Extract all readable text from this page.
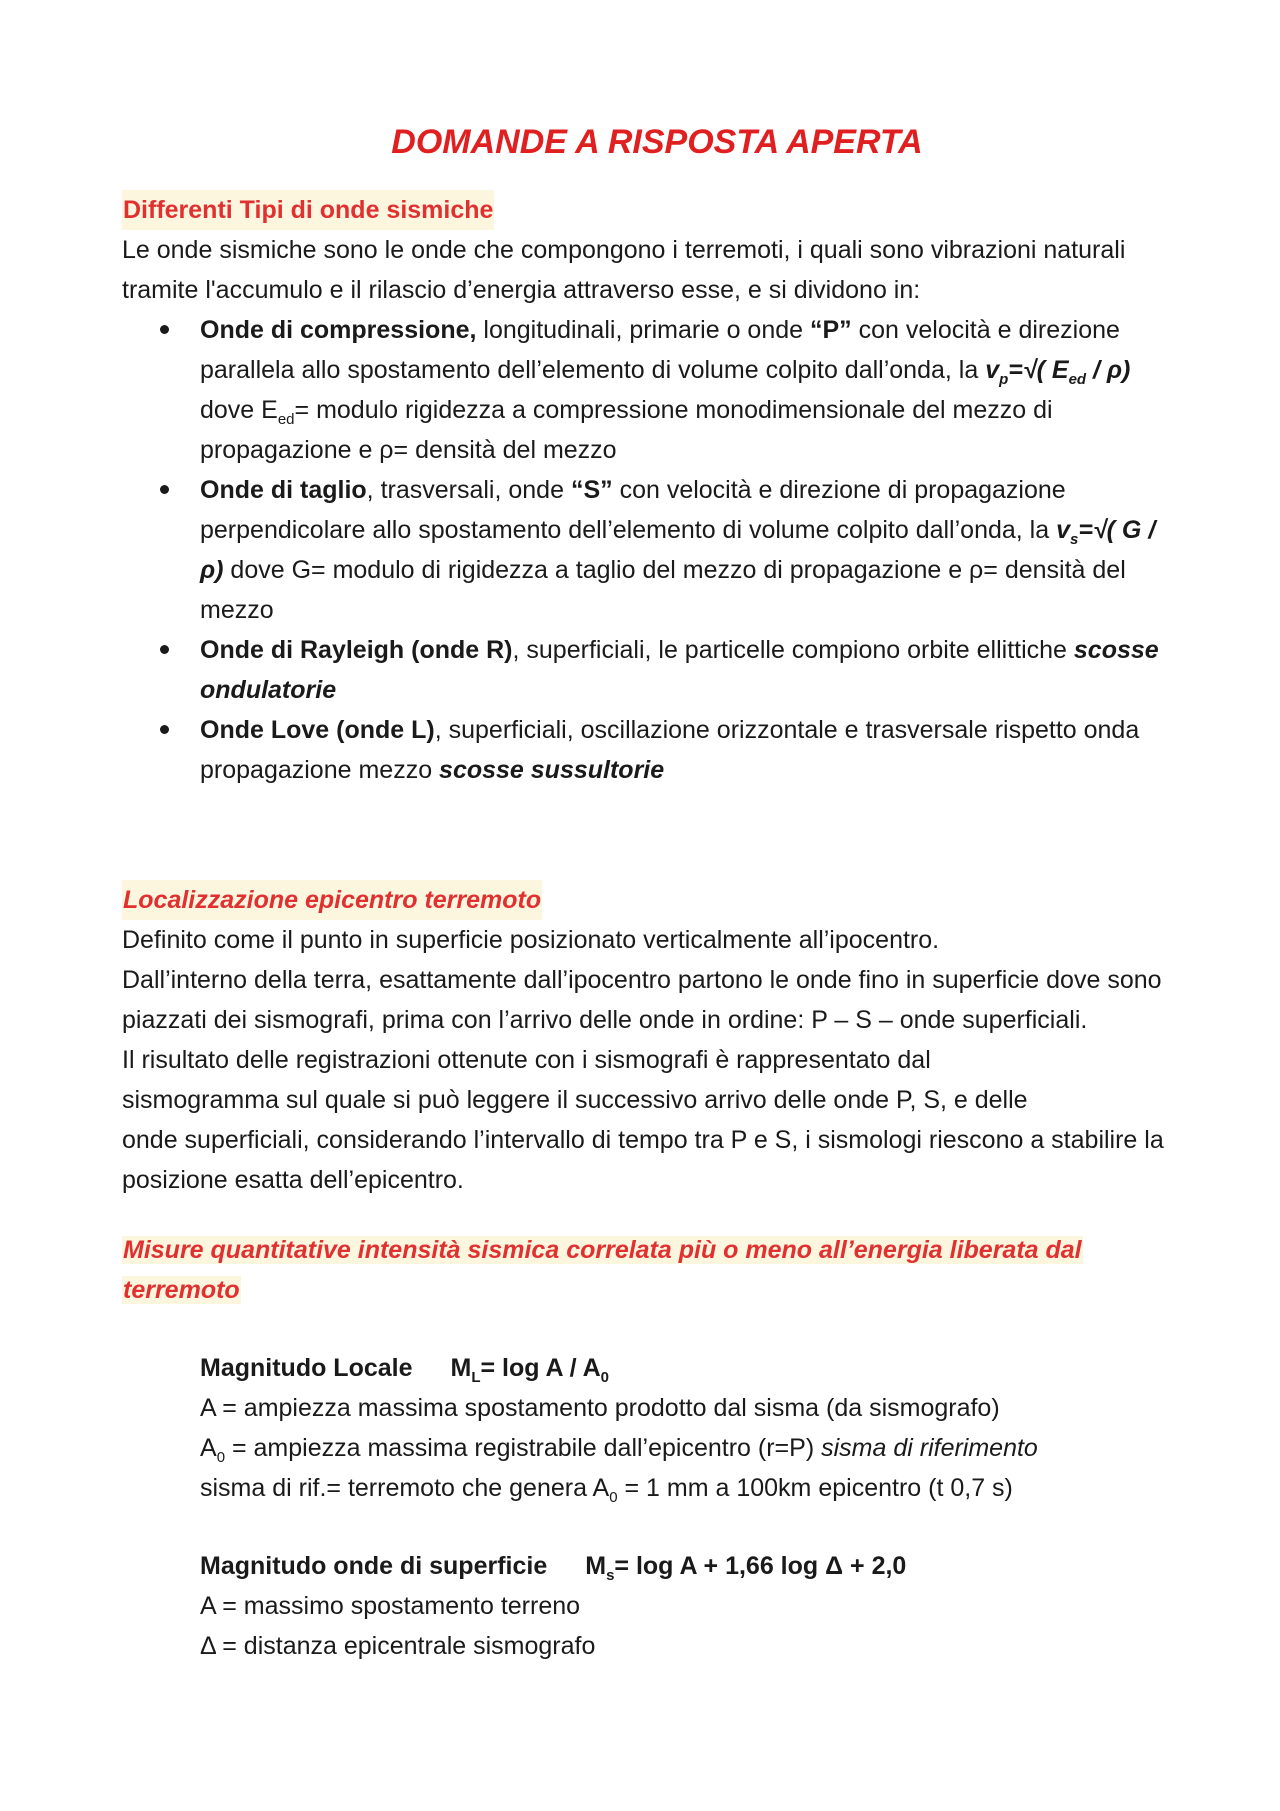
DOMANDE A RISPOSTA APERTA
Differenti Tipi di onde sismiche

Le onde sismiche sono le onde che compongono i terremoti, i quali sono vibrazioni naturali tramite l'accumulo e il rilascio d’energia attraverso esse, e si dividono in:

Onde di compressione, longitudinali, primarie o onde “P” con velocità e direzione parallela allo spostamento dell’elemento di volume colpito dall’onda, la $v_p=√$( $E_{ed} / \rho$) dove $E_{ed}=$ modulo rigidezza a compressione monodimensionale del mezzo di propagazione e ρ= densità del mezzo
Onde di taglio, trasversali, onde “S” con velocità e direzione di propagazione perpendicolare allo spostamento dell’elemento di volume colpito dall’onda, la $v_s=√$( G / ρ) dove G= modulo di rigidezza a taglio del mezzo di propagazione e ρ= densità del mezzo
Onde di Rayleigh (onde R), superficiali, le particelle compiono orbite ellittiche scosse ondulatorie
Onde Love (onde L), superficiali, oscillazione orizzontale e trasversale rispetto onda propagazione mezzo scosse sussultorie
Localizzazione epicentro terremoto

Definito come il punto in superficie posizionato verticalmente all’ipocentro.

Dall’interno della terra, esattamente dall’ipocentro partono le onde fino in superficie dove sono piazzati dei sismografi, prima con l’arrivo delle onde in ordine: P – S – onde superficiali.

Il risultato delle registrazioni ottenute con i sismografi è rappresentato dal

sismogramma sul quale si può leggere il successivo arrivo delle onde P, S, e delle

onde superficiali, considerando l’intervallo di tempo tra P e S, i sismologi riescono a stabilire la posizione esatta dell’epicentro.

Misure quantitative intensità sismica correlata più o meno all’energia liberata dal terremoto

Magnitudo Locale $M_L= \log A / A_0$

A = ampiezza massima spostamento prodotto dal sisma (da sismografo)

$A_0$ = ampiezza massima registrabile dall’epicentro (r=P) sisma di riferimento

sisma di rif.= terremoto che genera $A_0 = 1$ mm a 100km epicentro (t 0,7 s)

Magnitudo onde di superficie $M_s= \log A + 1,66$ log Δ + 2,0

A = massimo spostamento terreno

Δ = distanza epicentrale sismografo
